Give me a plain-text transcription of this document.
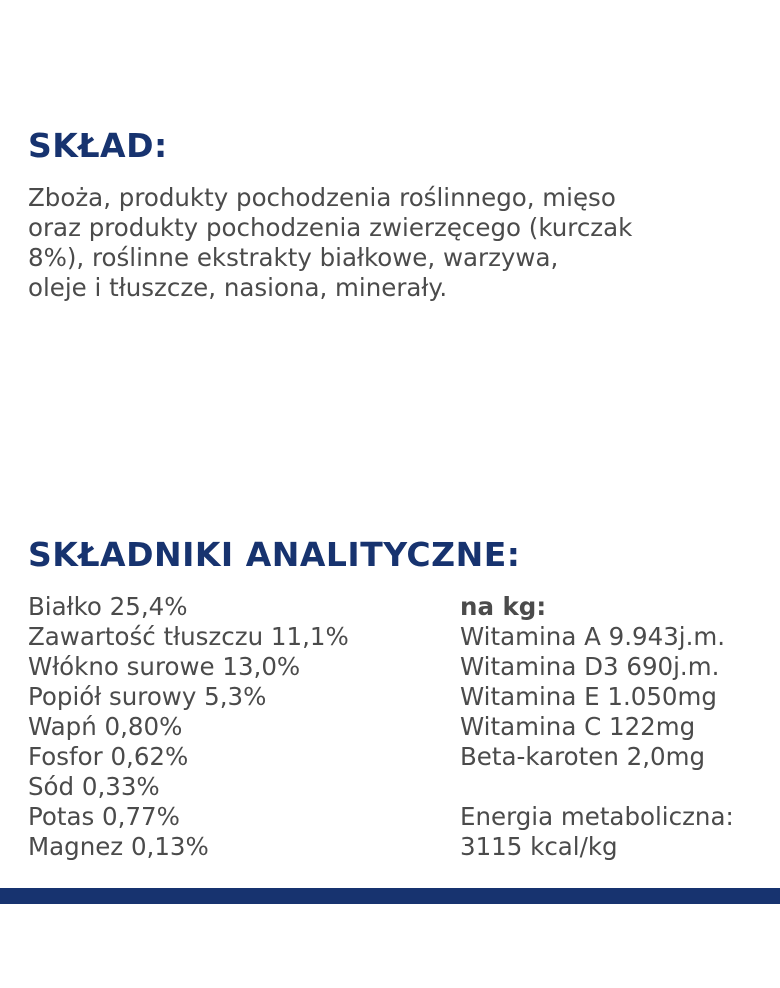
SKŁAD:

Zboża, produkty pochodzenia roślinnego, mięso
oraz produkty pochodzenia zwierzęcego (kurczak
8%), roślinne ekstrakty białkowe, warzywa,
oleje i tłuszcze, nasiona, minerały.

SKŁADNIKI ANALITYCZNE:
Białko 25,4%
Zawartość tłuszczu 11,1%
Włókno surowe 13,0%
Popiół surowy 5,3%
Wapń 0,80%
Fosfor 0,62%
Sód 0,33%
Potas 0,77%
Magnez 0,13%
na kg:
Witamina A 9.943j.m.
Witamina D3 690j.m.
Witamina E 1.050mg
Witamina C 122mg
Beta-karoten 2,0mg
Energia metaboliczna:
3115 kcal/kg
